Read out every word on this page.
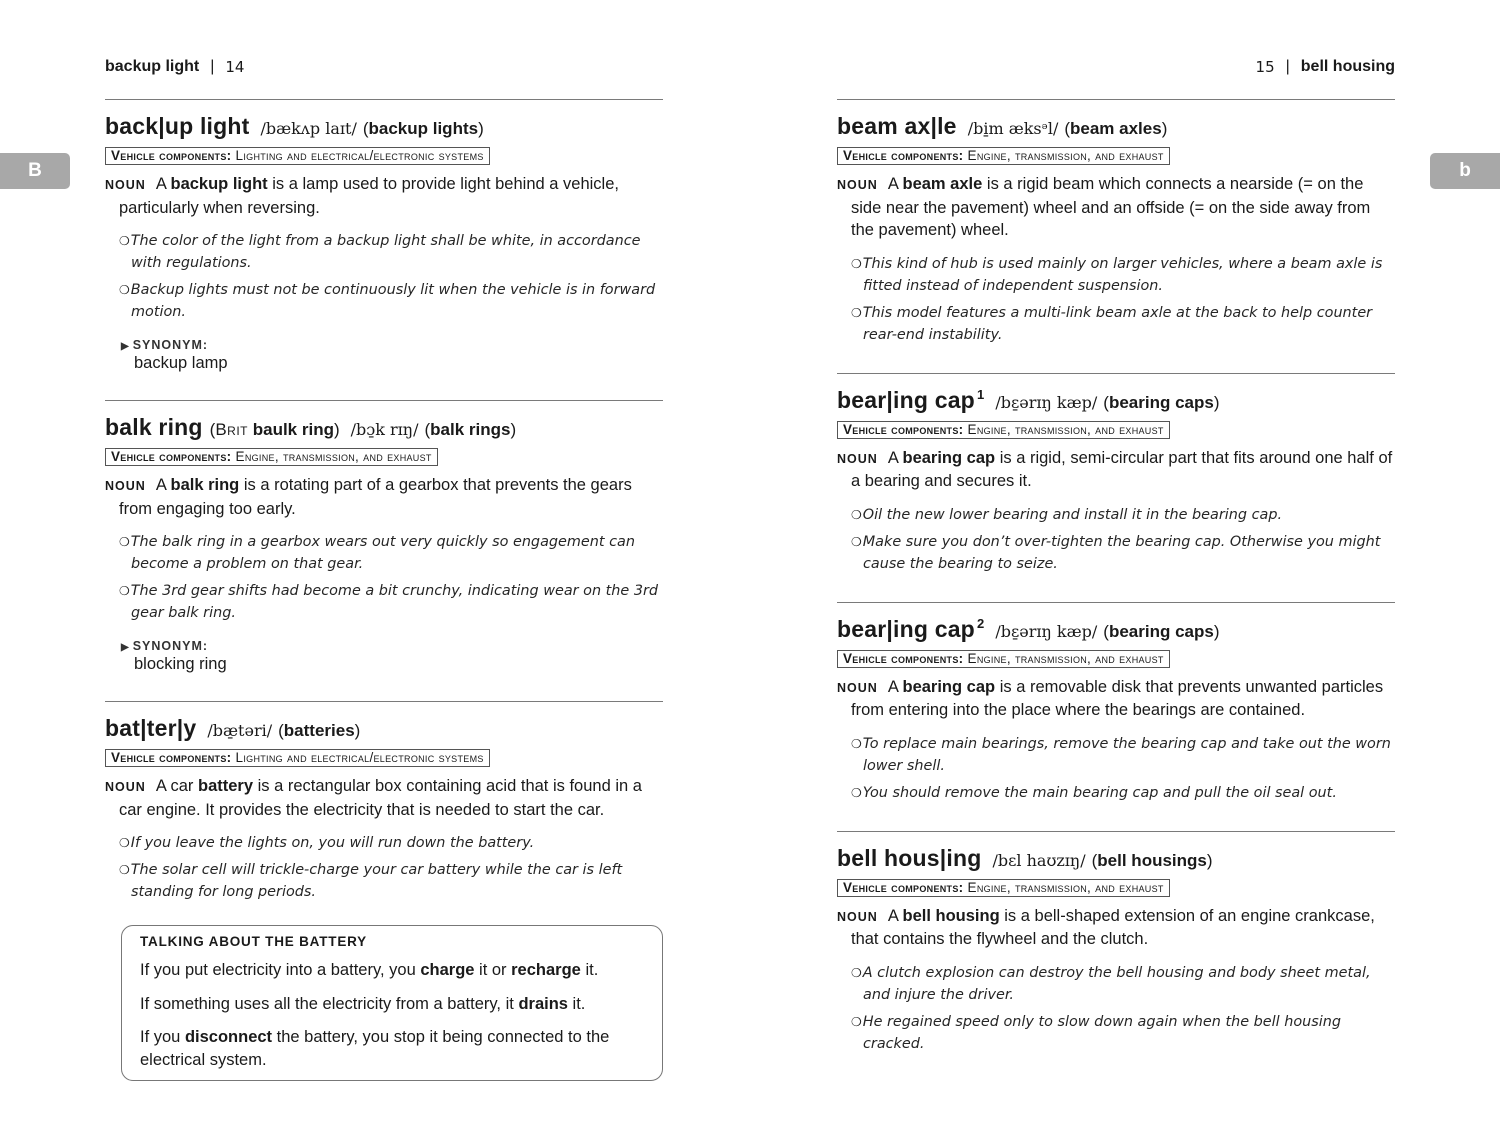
backup light | 14
back|up light /bækʌp laɪt/ (backup lights)
Vehicle components: Lighting and electrical/electronic systems
NOUN A backup light is a lamp used to provide light behind a vehicle, particularly when reversing.
❍The color of the light from a backup light shall be white, in accordance with regulations.
❍Backup lights must not be continuously lit when the vehicle is in forward motion.
▶ SYNONYM:
backup lamp
balk ring (Brit baulk ring) /bɔ̱k rɪŋ/ (balk rings)
Vehicle components: Engine, transmission, and exhaust
NOUN A balk ring is a rotating part of a gearbox that prevents the gears from engaging too early.
❍The balk ring in a gearbox wears out very quickly so engagement can become a problem on that gear.
❍The 3rd gear shifts had become a bit crunchy, indicating wear on the 3rd gear balk ring.
▶ SYNONYM:
blocking ring
bat|ter|y /bæ̱təri/ (batteries)
Vehicle components: Lighting and electrical/electronic systems
NOUN A car battery is a rectangular box containing acid that is found in a car engine. It provides the electricity that is needed to start the car.
❍If you leave the lights on, you will run down the battery.
❍The solar cell will trickle-charge your car battery while the car is left standing for long periods.
TALKING ABOUT THE BATTERY
If you put electricity into a battery, you charge it or recharge it.
If something uses all the electricity from a battery, it drains it.
If you disconnect the battery, you stop it being connected to the electrical system.
B	b
15 | bell housing
beam ax|le /bi̱m æksᵊl/ (beam axles)
Vehicle components: Engine, transmission, and exhaust
NOUN A beam axle is a rigid beam which connects a nearside (= on the side near the pavement) wheel and an offside (= on the side away from the pavement) wheel.
❍This kind of hub is used mainly on larger vehicles, where a beam axle is fitted instead of independent suspension.
❍This model features a multi-link beam axle at the back to help counter rear-end instability.
bear|ing cap $^1$ /bɛ̱ərɪŋ kæp/ (bearing caps)
Vehicle components: Engine, transmission, and exhaust
NOUN A bearing cap is a rigid, semi-circular part that fits around one half of a bearing and secures it.
❍Oil the new lower bearing and install it in the bearing cap.
❍Make sure you don’t over-tighten the bearing cap. Otherwise you might cause the bearing to seize.
bear|ing cap $^2$ /bɛ̱ərɪŋ kæp/ (bearing caps)
Vehicle components: Engine, transmission, and exhaust
NOUN A bearing cap is a removable disk that prevents unwanted particles from entering into the place where the bearings are contained.
❍To replace main bearings, remove the bearing cap and take out the worn lower shell.
❍You should remove the main bearing cap and pull the oil seal out.
bell hous|ing /bɛl haʊzɪŋ/ (bell housings)
Vehicle components: Engine, transmission, and exhaust
NOUN A bell housing is a bell-shaped extension of an engine crankcase, that contains the flywheel and the clutch.
❍A clutch explosion can destroy the bell housing and body sheet metal, and injure the driver.
❍He regained speed only to slow down again when the bell housing cracked.
